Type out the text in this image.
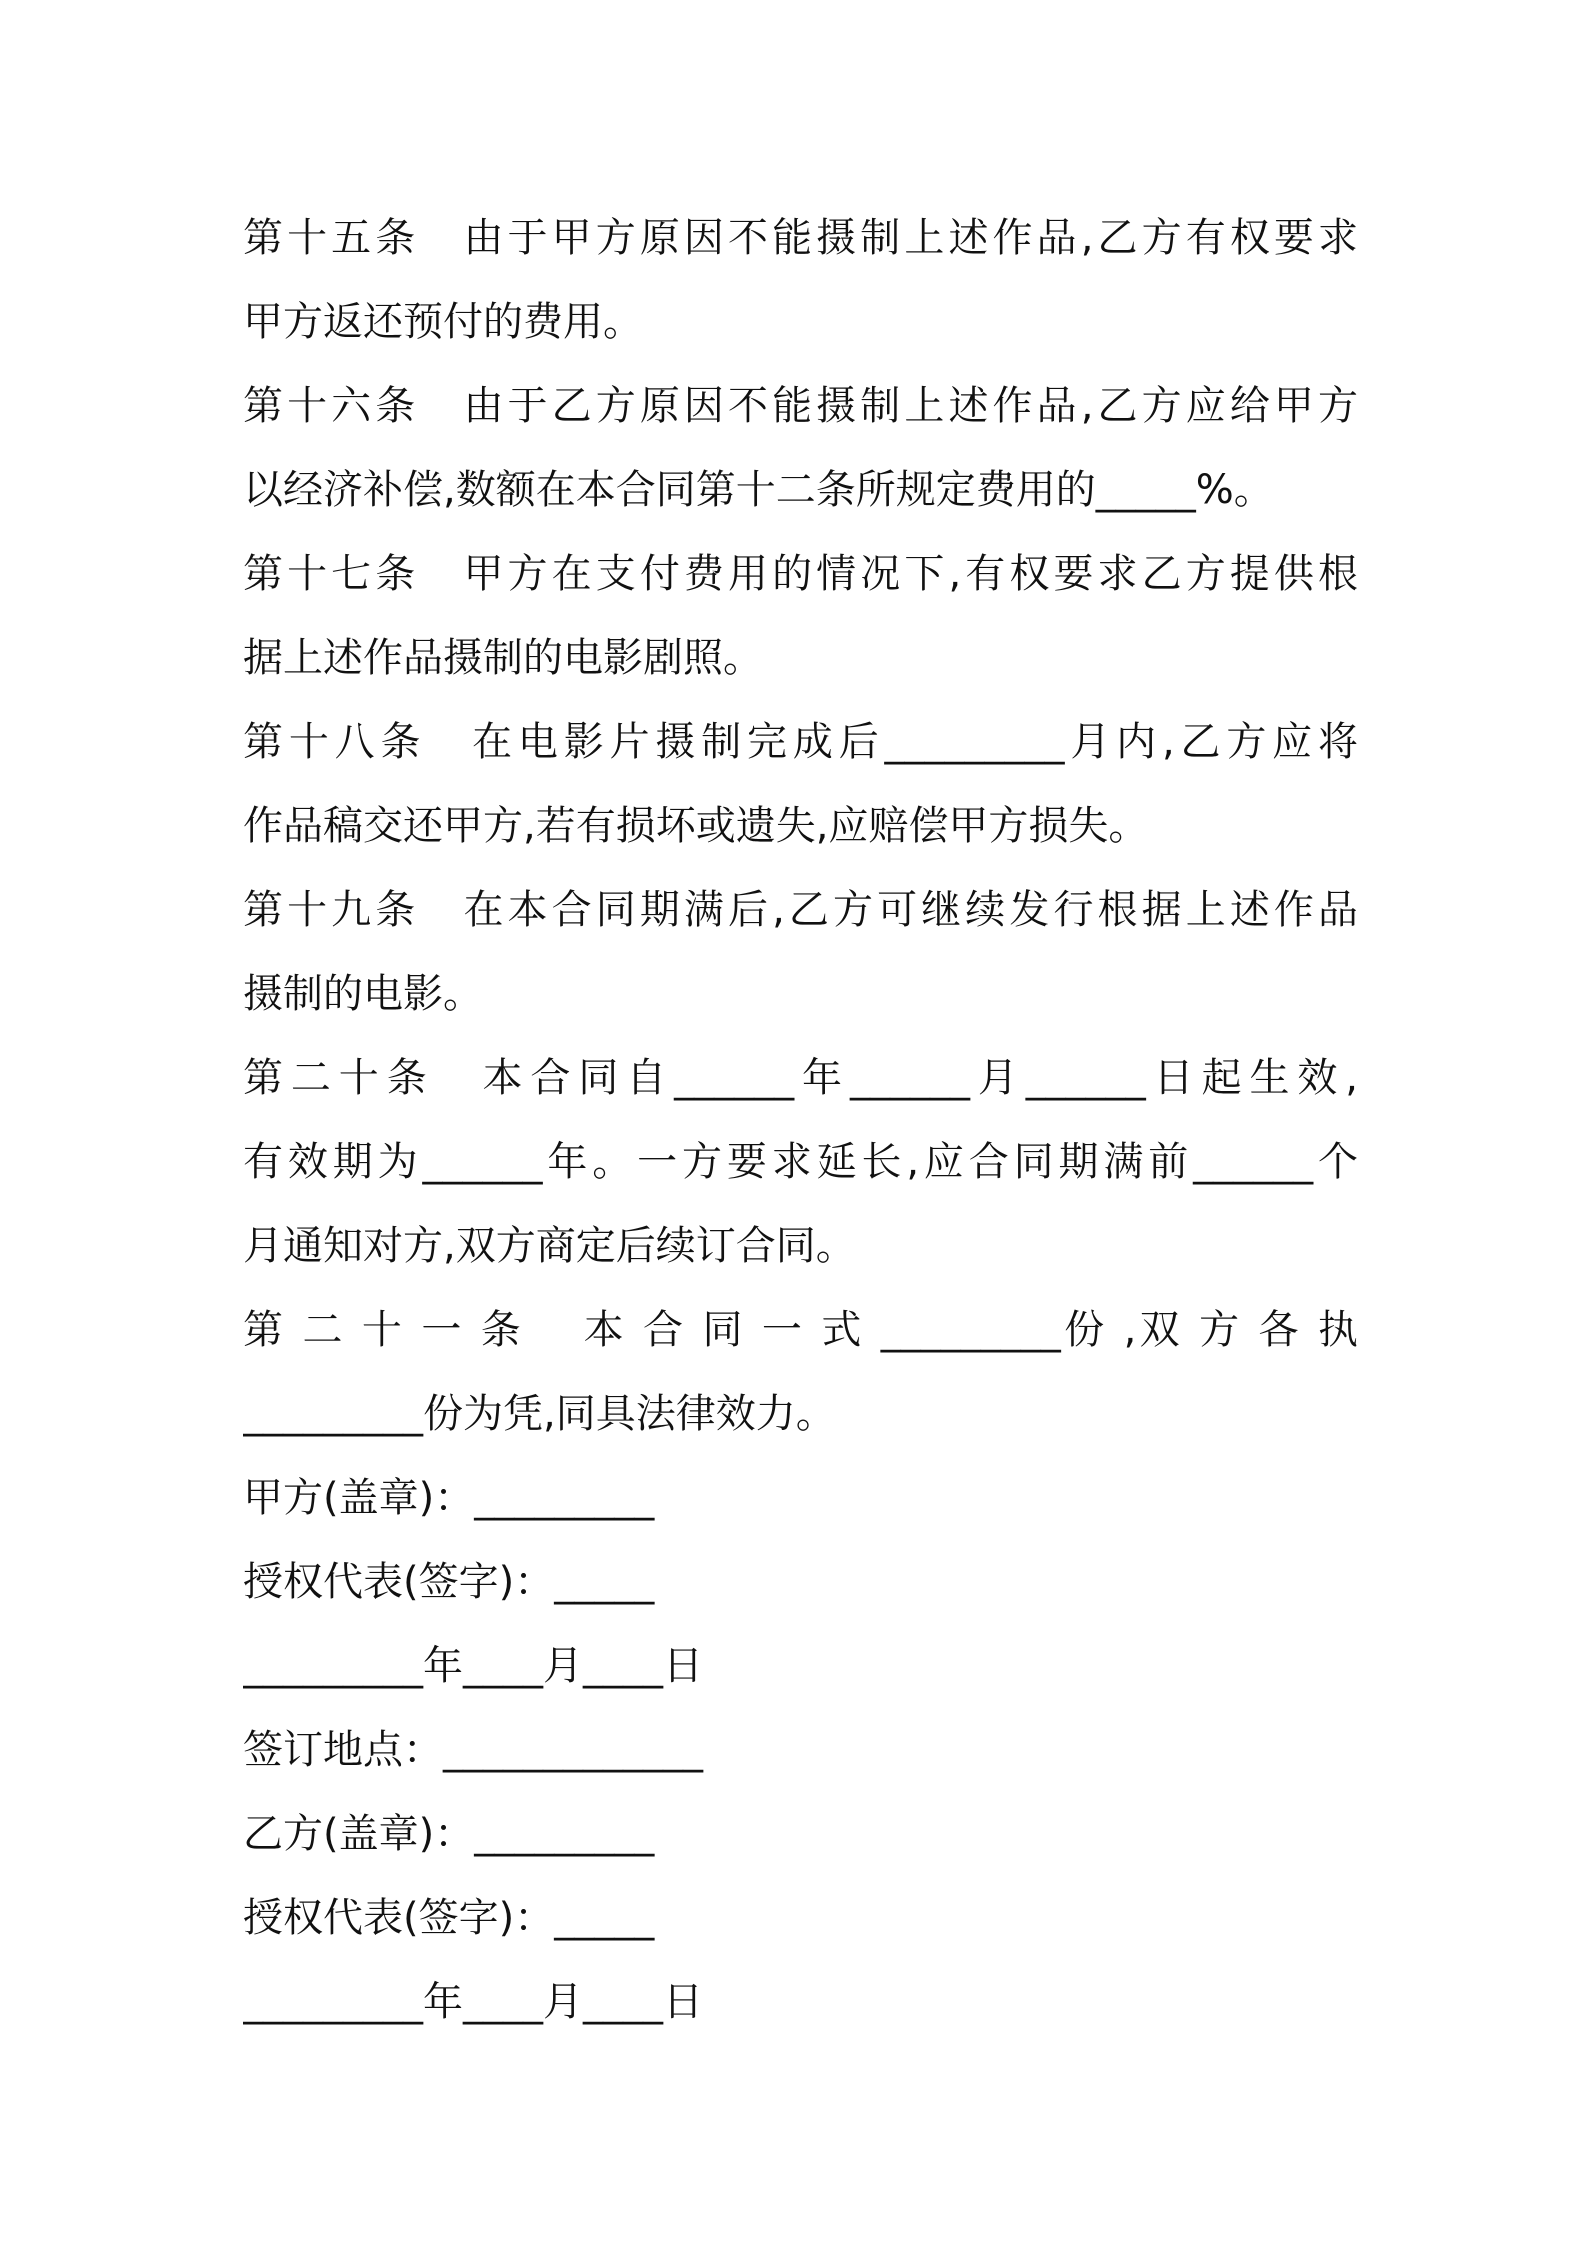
第十五条　由于甲方原因不能摄制上述作品,乙方有权要求
甲方返还预付的费用。
第十六条　由于乙方原因不能摄制上述作品,乙方应给甲方
以经济补偿,数额在本合同第十二条所规定费用的_____%。
第十七条　甲方在支付费用的情况下,有权要求乙方提供根
据上述作品摄制的电影剧照。
第十八条　在电影片摄制完成后_________月内,乙方应将
作品稿交还甲方,若有损坏或遗失,应赔偿甲方损失。
第十九条　在本合同期满后,乙方可继续发行根据上述作品
摄制的电影。
第二十条　本合同自______年______月______日起生效,
有效期为______年。一方要求延长,应合同期满前______个
月通知对方,双方商定后续订合同。
第 二 十 一 条　 本 合 同 一 式 _________份 ,双 方 各 执
_________份为凭,同具法律效力。
甲方(盖章)：_________
授权代表(签字)：_____
_________年____月____日
签订地点：_____________
乙方(盖章)：_________
授权代表(签字)：_____
_________年____月____日
